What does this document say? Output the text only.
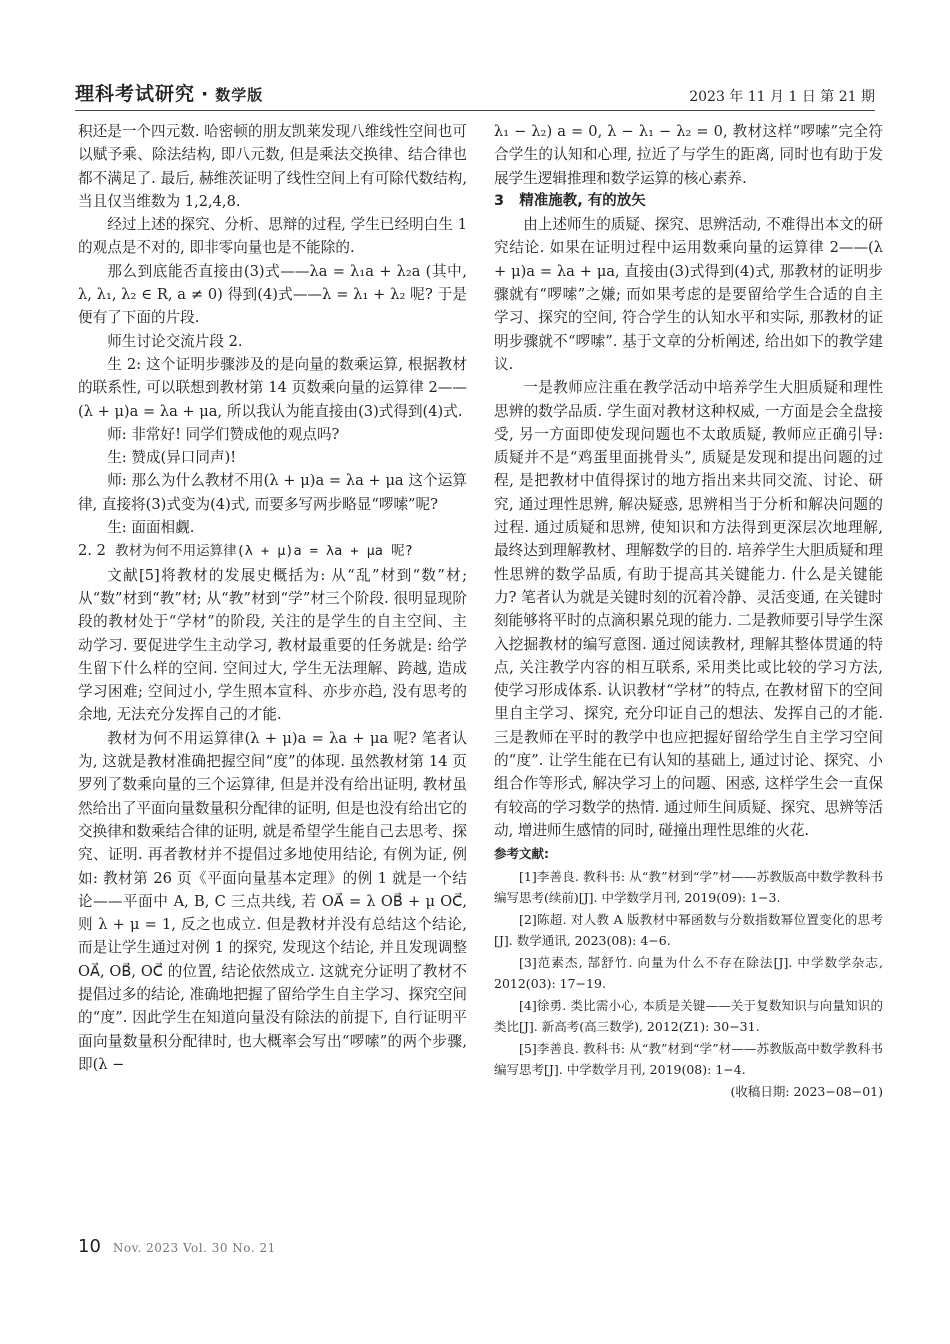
理科考试研究 · 数学版	2023 年 11 月 1 日 第 21 期

积还是一个四元数. 哈密顿的朋友凯莱发现八维线性空间也可以赋予乘、除法结构, 即八元数, 但是乘法交换律、结合律也都不满足了. 最后, 赫维茨证明了线性空间上有可除代数结构, 当且仅当维数为 1,2,4,8.

经过上述的探究、分析、思辩的过程, 学生已经明白生 1 的观点是不对的, 即非零向量也是不能除的.

那么到底能否直接由(3)式——λa = λ₁a + λ₂a (其中, λ, λ₁, λ₂ ∈ R, a ≠ 0) 得到(4)式——λ = λ₁ + λ₂ 呢? 于是便有了下面的片段.

师生讨论交流片段 2.

生 2: 这个证明步骤涉及的是向量的数乘运算, 根据教材的联系性, 可以联想到教材第 14 页数乘向量的运算律 2——(λ + μ)a = λa + μa, 所以我认为能直接由(3)式得到(4)式.

师: 非常好! 同学们赞成他的观点吗?

生: 赞成(异口同声)!

师: 那么为什么教材不用(λ + μ)a = λa + μa 这个运算律, 直接将(3)式变为(4)式, 而要多写两步略显“啰嗦”呢?

生: 面面相觑.

2. 2 教材为何不用运算律(λ + μ)a = λa + μa 呢?

文献[5]将教材的发展史概括为: 从“乱”材到“数”材; 从“数”材到“教”材; 从“教”材到“学”材三个阶段. 很明显现阶段的教材处于“学材”的阶段, 关注的是学生的自主空间、主动学习. 要促进学生主动学习, 教材最重要的任务就是: 给学生留下什么样的空间. 空间过大, 学生无法理解、跨越, 造成学习困难; 空间过小, 学生照本宣科、亦步亦趋, 没有思考的余地, 无法充分发挥自己的才能.

教材为何不用运算律(λ + μ)a = λa + μa 呢? 笔者认为, 这就是教材准确把握空间“度”的体现. 虽然教材第 14 页罗列了数乘向量的三个运算律, 但是并没有给出证明, 教材虽然给出了平面向量数量积分配律的证明, 但是也没有给出它的交换律和数乘结合律的证明, 就是希望学生能自己去思考、探究、证明. 再者教材并不提倡过多地使用结论, 有例为证, 例如: 教材第 26 页《平面向量基本定理》的例 1 就是一个结论——平面中 A, B, C 三点共线, 若 OA⃗ = λ OB⃗ + μ OC⃗, 则 λ + μ = 1, 反之也成立. 但是教材并没有总结这个结论, 而是让学生通过对例 1 的探究, 发现这个结论, 并且发现调整 OA⃗, OB⃗, OC⃗ 的位置, 结论依然成立. 这就充分证明了教材不提倡过多的结论, 准确地把握了留给学生自主学习、探究空间的“度”. 因此学生在知道向量没有除法的前提下, 自行证明平面向量数量积分配律时, 也大概率会写出“啰嗦”的两个步骤, 即(λ −

λ₁ − λ₂) a = 0, λ − λ₁ − λ₂ = 0, 教材这样“啰嗦”完全符合学生的认知和心理, 拉近了与学生的距离, 同时也有助于发展学生逻辑推理和数学运算的核心素养.

3 精准施教, 有的放矢

由上述师生的质疑、探究、思辨活动, 不难得出本文的研究结论. 如果在证明过程中运用数乘向量的运算律 2——(λ + μ)a = λa + μa, 直接由(3)式得到(4)式, 那教材的证明步骤就有“啰嗦”之嫌; 而如果考虑的是要留给学生合适的自主学习、探究的空间, 符合学生的认知水平和实际, 那教材的证明步骤就不“啰嗦”. 基于文章的分析阐述, 给出如下的教学建议.

一是教师应注重在教学活动中培养学生大胆质疑和理性思辨的数学品质. 学生面对教材这种权威, 一方面是会全盘接受, 另一方面即使发现问题也不太敢质疑, 教师应正确引导: 质疑并不是“鸡蛋里面挑骨头”, 质疑是发现和提出问题的过程, 是把教材中值得探讨的地方指出来共同交流、讨论、研究, 通过理性思辨, 解决疑惑, 思辨相当于分析和解决问题的过程. 通过质疑和思辨, 使知识和方法得到更深层次地理解, 最终达到理解教材、理解数学的目的. 培养学生大胆质疑和理性思辨的数学品质, 有助于提高其关键能力. 什么是关键能力? 笔者认为就是关键时刻的沉着冷静、灵活变通, 在关键时刻能够将平时的点滴积累兑现的能力. 二是教师要引导学生深入挖掘教材的编写意图. 通过阅读教材, 理解其整体贯通的特点, 关注教学内容的相互联系, 采用类比或比较的学习方法, 使学习形成体系. 认识教材“学材”的特点, 在教材留下的空间里自主学习、探究, 充分印证自己的想法、发挥自己的才能. 三是教师在平时的教学中也应把握好留给学生自主学习空间的“度”. 让学生能在已有认知的基础上, 通过讨论、探究、小组合作等形式, 解决学习上的问题、困惑, 这样学生会一直保有较高的学习数学的热情. 通过师生间质疑、探究、思辨等活动, 增进师生感情的同时, 碰撞出理性思维的火花.

参考文献:

[1]李善良. 教科书: 从“教”材到“学”材——苏教版高中数学教科书编写思考(续前)[J]. 中学数学月刊, 2019(09): 1−3.

[2]陈超. 对人教 A 版教材中幂函数与分数指数幂位置变化的思考[J]. 数学通讯, 2023(08): 4−6.

[3]范素杰, 郜舒竹. 向量为什么不存在除法[J]. 中学数学杂志, 2012(03): 17−19.

[4]徐勇. 类比需小心, 本质是关键——关于复数知识与向量知识的类比[J]. 新高考(高三数学), 2012(Z1): 30−31.

[5]李善良. 教科书: 从“教”材到“学”材——苏教版高中数学教科书编写思考[J]. 中学数学月刊, 2019(08): 1−4.

(收稿日期: 2023−08−01)

10 Nov. 2023 Vol. 30 No. 21
